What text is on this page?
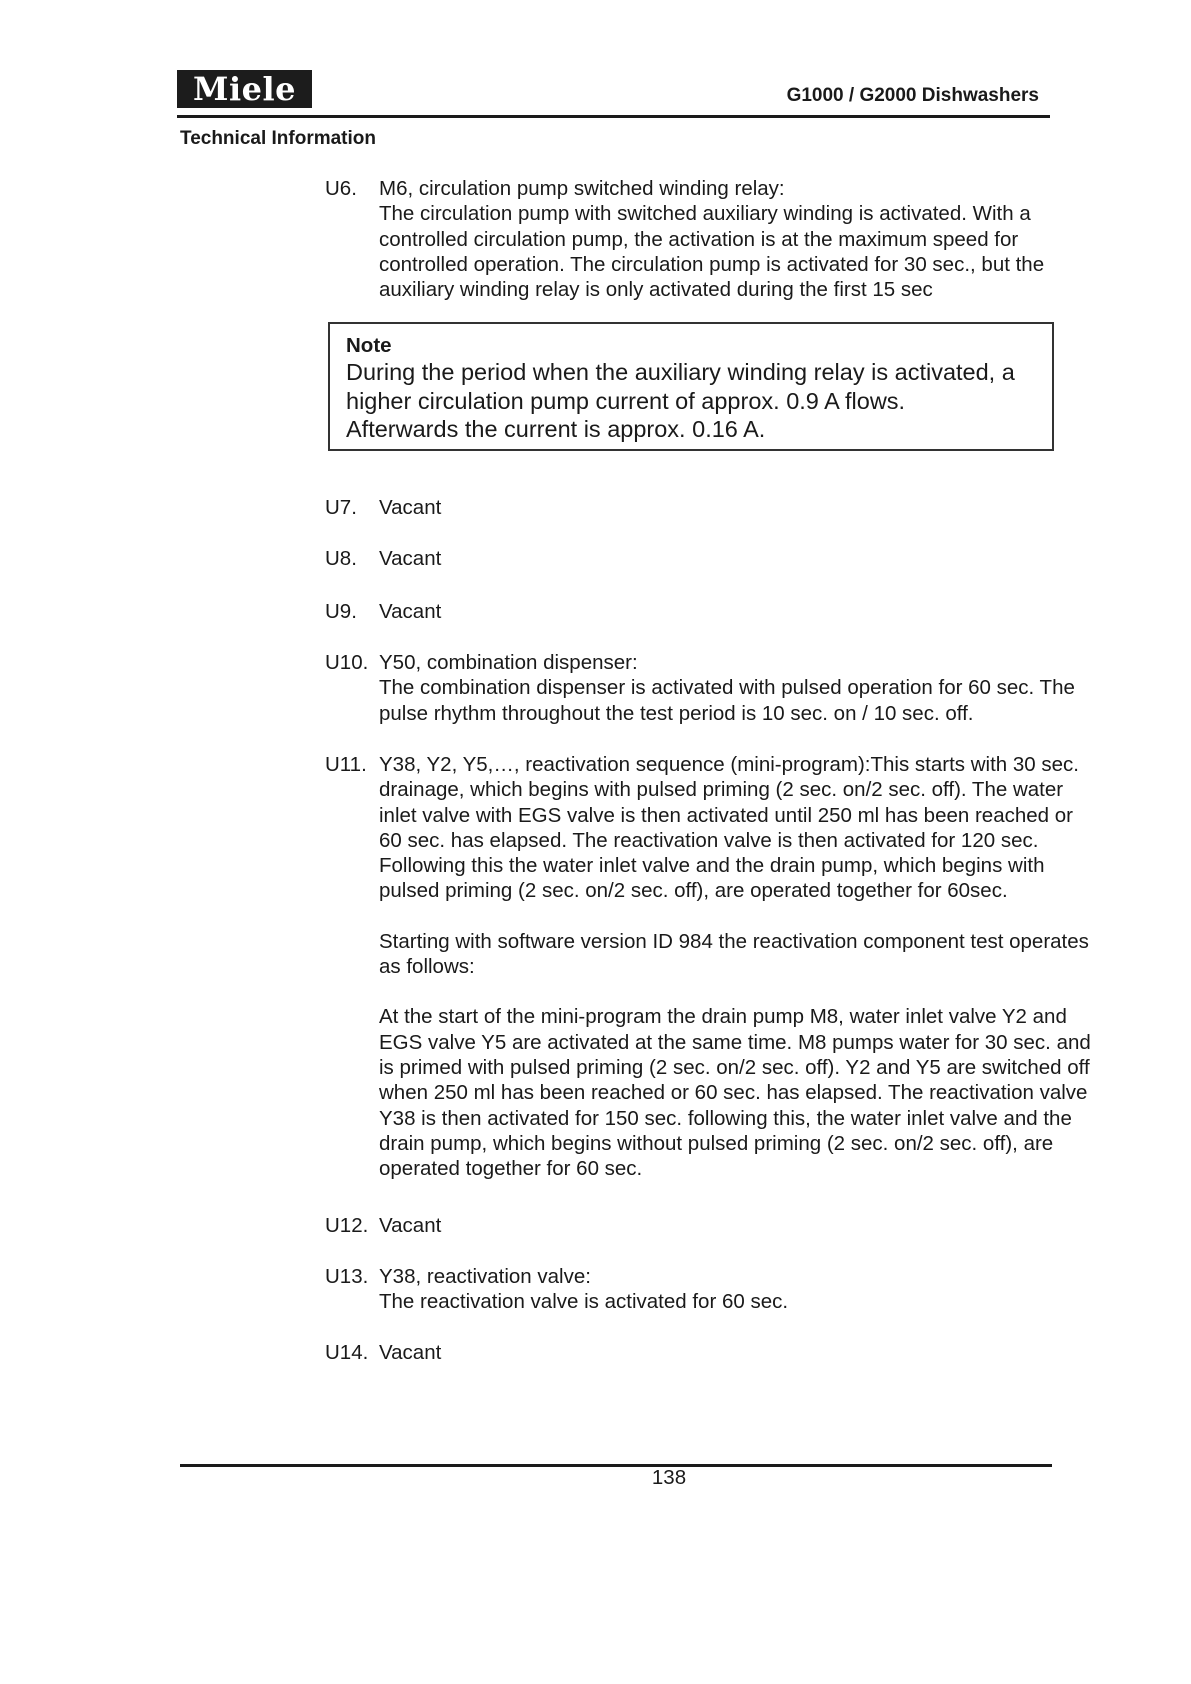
Miele	G1000 / G2000 Dishwashers
Technical Information
U6. M6, circulation pump switched winding relay:

The circulation pump with switched auxiliary winding is activated. With a

controlled circulation pump, the activation is at the maximum speed for

controlled operation. The circulation pump is activated for 30 sec., but the

auxiliary winding relay is only activated during the first 15 sec

Note
During the period when the auxiliary winding relay is activated, a
higher circulation pump current of approx. 0.9 A flows.
Afterwards the current is approx. 0.16 A.
U7. Vacant

U8. Vacant

U9. Vacant

U10. Y50, combination dispenser:

The combination dispenser is activated with pulsed operation for 60 sec. The

pulse rhythm throughout the test period is 10 sec. on / 10 sec. off.

U11. Y38, Y2, Y5,…, reactivation sequence (mini-program):This starts with 30 sec.

drainage, which begins with pulsed priming (2 sec. on/2 sec. off). The water

inlet valve with EGS valve is then activated until 250 ml has been reached or

60 sec. has elapsed. The reactivation valve is then activated for 120 sec.

Following this the water inlet valve and the drain pump, which begins with

pulsed priming (2 sec. on/2 sec. off), are operated together for 60sec.

Starting with software version ID 984 the reactivation component test operates

as follows:

At the start of the mini-program the drain pump M8, water inlet valve Y2 and

EGS valve Y5 are activated at the same time. M8 pumps water for 30 sec. and

is primed with pulsed priming (2 sec. on/2 sec. off). Y2 and Y5 are switched off

when 250 ml has been reached or 60 sec. has elapsed. The reactivation valve

Y38 is then activated for 150 sec. following this, the water inlet valve and the

drain pump, which begins without pulsed priming (2 sec. on/2 sec. off), are

operated together for 60 sec.

U12. Vacant

U13. Y38, reactivation valve:

The reactivation valve is activated for 60 sec.

U14. Vacant

138
